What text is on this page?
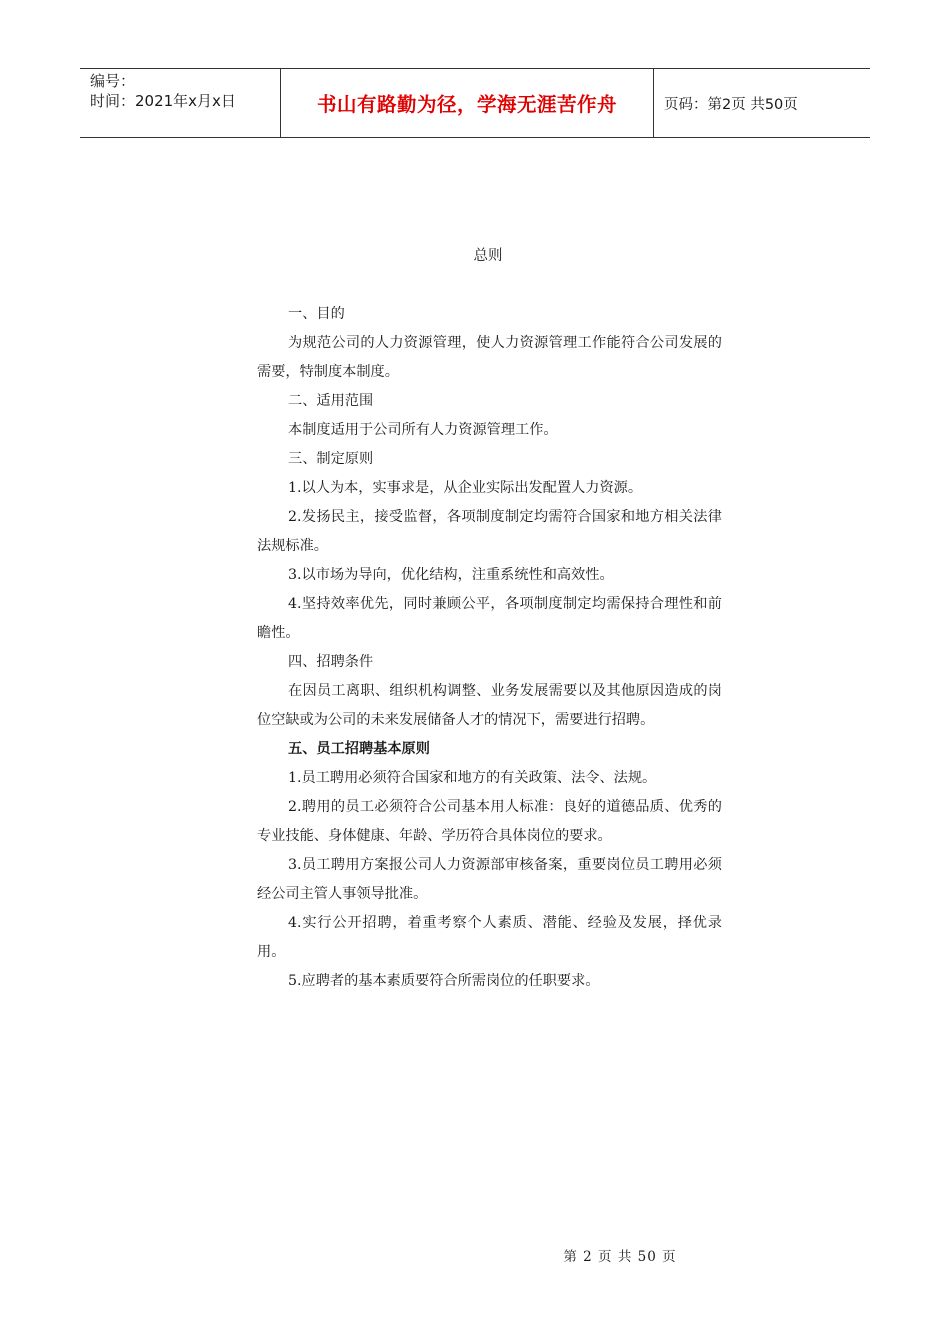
编号：
时间：2021年x月x日	书山有路勤为径，学海无涯苦作舟	页码：第2页 共50页
总则

一、目的

为规范公司的人力资源管理，使人力资源管理工作能符合公司发展的需要，特制度本制度。

二、适用范围

本制度适用于公司所有人力资源管理工作。

三、制定原则

1.以人为本，实事求是，从企业实际出发配置人力资源。

2.发扬民主，接受监督，各项制度制定均需符合国家和地方相关法律法规标准。

3.以市场为导向，优化结构，注重系统性和高效性。

4.坚持效率优先，同时兼顾公平，各项制度制定均需保持合理性和前瞻性。

四、招聘条件

在因员工离职、组织机构调整、业务发展需要以及其他原因造成的岗位空缺或为公司的未来发展储备人才的情况下，需要进行招聘。

五、员工招聘基本原则

1.员工聘用必须符合国家和地方的有关政策、法令、法规。

2.聘用的员工必须符合公司基本用人标准：良好的道德品质、优秀的专业技能、身体健康、年龄、学历符合具体岗位的要求。

3.员工聘用方案报公司人力资源部审核备案，重要岗位员工聘用必须经公司主管人事领导批准。

4.实行公开招聘，着重考察个人素质、潜能、经验及发展，择优录用。

5.应聘者的基本素质要符合所需岗位的任职要求。

第 2 页 共 50 页
